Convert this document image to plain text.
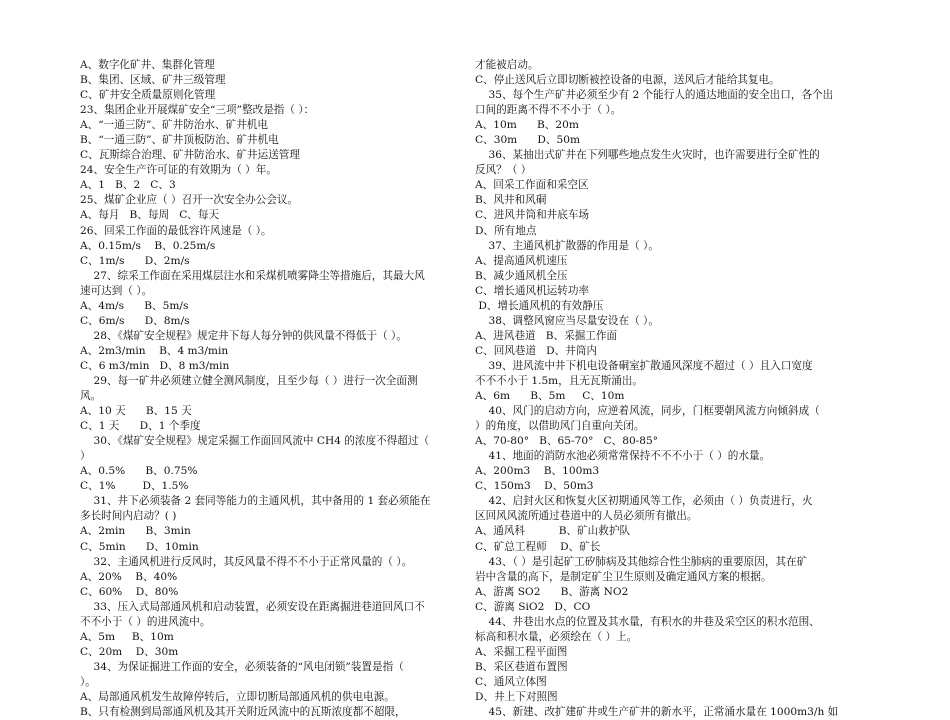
A、数字化矿井、集群化管理
B、集团、区域、矿井三级管理
C、矿井安全质量原则化管理
23、集团企业开展煤矿安全“三项”整改是指（ ）：
A、“一通三防”、矿井防治水、矿井机电
B、“一通三防”、矿井顶板防治、矿井机电
C、瓦斯综合治理、矿井防治水、矿井运送管理
24、安全生产许可证的有效期为（ ）年。
A、1   B、2   C、3
25、煤矿企业应（ ）召开一次安全办公会议。
A、每月   B、每周   C、每天
26、回采工作面的最低容许风速是（ ）。
A、0.15m/s    B、0.25m/s
C、1m/s      D、2m/s
27、综采工作面在采用煤层注水和采煤机喷雾降尘等措施后，其最大风
速可达到（ ）。
A、4m/s      B、5m/s
C、6m/s      D、8m/s
28、《煤矿安全规程》规定井下每人每分钟的供风量不得低于（ ）。
A、2m3/min    B、4 m3/min
C、6 m3/min   D、8 m3/min
29、每一矿井必须建立健全测风制度，且至少每（ ）进行一次全面测
风。
A、10 天      B、15 天
C、1 天      D、1 个季度
30、《煤矿安全规程》规定采掘工作面回风流中 CH4 的浓度不得超过（
）
A、0.5%      B、0.75%
C、1%        D、1.5%
31、井下必须装备 2 套同等能力的主通风机，其中备用的 1 套必须能在
多长时间内启动？( )
A、2min      B、3min
C、5min      D、10min
32、主通风机进行反风时，其反风量不得不不小于正常风量的（ ）。
A、20%    B、40%
C、60%    D、80%
33、压入式局部通风机和启动装置，必须安设在距离掘进巷道回风口不
不不小于（ ）的进风流中。
A、5m     B、10m
C、20m    D、30m
34、为保证掘进工作面的安全，必须装备的“风电闭锁”装置是指（
）。
A、局部通风机发生故障停转后，立即切断局部通风机的供电电源。
B、只有检测到局部通风机及其开关附近风流中的瓦斯浓度都不超限，
才能被启动。
C、停止送风后立即切断被控设备的电源，送风后才能给其复电。
35、每个生产矿井必须至少有 2 个能行人的通达地面的安全出口，各个出
口间的距离不得不不小于（ ）。
A、10m      B、20m
C、30m      D、50m
36、某抽出式矿井在下列哪些地点发生火灾时，也许需要进行全矿性的
反风？（ ）
A、回采工作面和采空区
B、风井和风硐
C、进风井筒和井底车场
D、所有地点
37、主通风机扩散器的作用是（ ）。
A、提高通风机速压
B、减少通风机全压
C、增长通风机运转功率
D、增长通风机的有效静压
38、调整风窗应当尽量安设在（ ）。
A、进风巷道   B、采掘工作面
C、回风巷道   D、井筒内
39、进风流中井下机电设备硐室扩散通风深度不超过（ ）且入口宽度
不不不小于 1.5m，且无瓦斯涌出。
A、6m      B、5m     C、10m
40、风门的启动方向，应逆着风流，同步，门框要朝风流方向倾斜成（
）的角度，以借助风门自重向关闭。
A、70-80°   B、65-70°   C、80-85°
41、地面的消防水池必须常常保持不不不小于（ ）的水量。
A、200m3    B、100m3
C、150m3    D、50m3
42、启封火区和恢复火区初期通风等工作，必须由（ ）负责进行，火
区回风风流所通过巷道中的人员必须所有撤出。
A、通风科          B、矿山救护队
C、矿总工程师    D、矿长
43、（ ）是引起矿工矽肺病及其他综合性尘肺病的重要原因，其在矿
岩中含量的高下，是制定矿尘卫生原则及确定通风方案的根据。
A、游离 SO2      B、游离 NO2
C、游离 SiO2   D、CO
44、井巷出水点的位置及其水量，有积水的井巷及采空区的积水范围、
标高和积水量，必须绘在（ ）上。
A、采掘工程平面图
B、采区巷道布置图
C、通风立体图
D、井上下对照图
45、新建、改扩建矿井或生产矿井的新水平，正常涌水量在 1000m3/h 如
